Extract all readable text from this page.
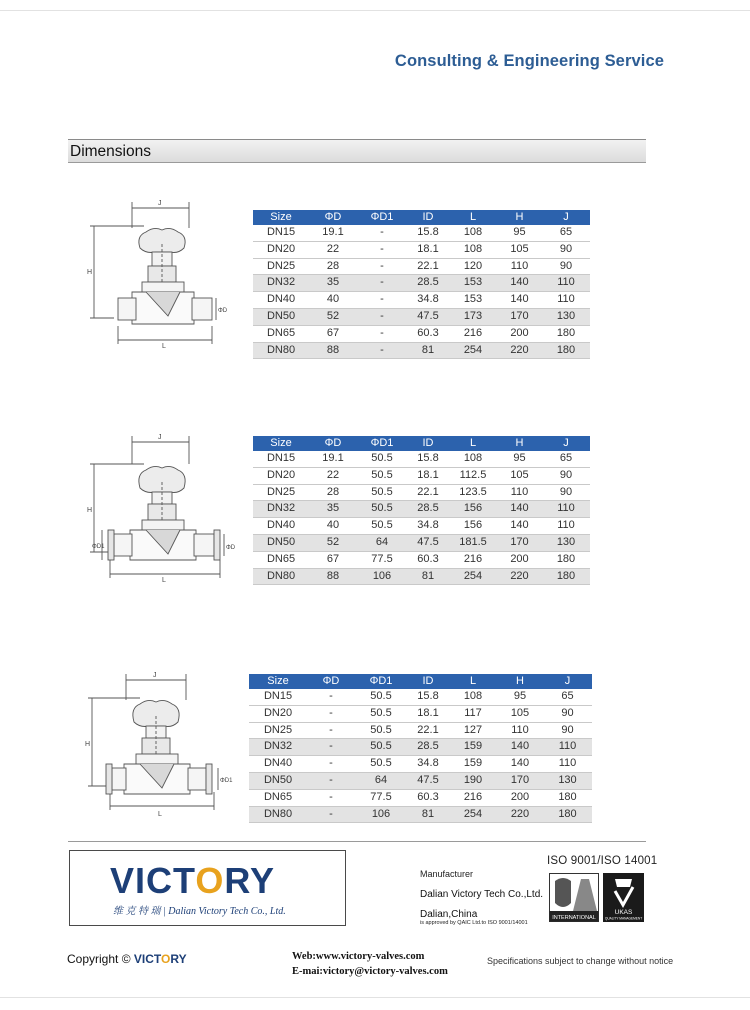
Consulting & Engineering Service
Dimensions
J
H
L
ΦD
Size	ΦD	ΦD1	ID	L	H	J
DN15	19.1	-	15.8	108	95	65
DN20	22	-	18.1	108	105	90
DN25	28	-	22.1	120	110	90
DN32	35	-	28.5	153	140	110
DN40	40	-	34.8	153	140	110
DN50	52	-	47.5	173	170	130
DN65	67	-	60.3	216	200	180
DN80	88	-	81	254	220	180
J
H
L
ΦD
ΦD1
Size	ΦD	ΦD1	ID	L	H	J
DN15	19.1	50.5	15.8	108	95	65
DN20	22	50.5	18.1	112.5	105	90
DN25	28	50.5	22.1	123.5	110	90
DN32	35	50.5	28.5	156	140	110
DN40	40	50.5	34.8	156	140	110
DN50	52	64	47.5	181.5	170	130
DN65	67	77.5	60.3	216	200	180
DN80	88	106	81	254	220	180
J
H
L
ΦD1
Size	ΦD	ΦD1	ID	L	H	J
DN15	-	50.5	15.8	108	95	65
DN20	-	50.5	18.1	117	105	90
DN25	-	50.5	22.1	127	110	90
DN32	-	50.5	28.5	159	140	110
DN40	-	50.5	34.8	159	140	110
DN50	-	64	47.5	190	170	130
DN65	-	77.5	60.3	216	200	180
DN80	-	106	81	254	220	180
VICTORY
维 克 特 瑞 | Dalian Victory Tech Co., Ltd.
Manufacturer
Dalian Victory Tech Co.,Ltd.
Dalian,China
is approved by QAIC Ltd.to ISO 9001/14001
ISO 9001/ISO 14001
INTERNATIONAL
UKAS
QUALITY MANAGEMENT
Copyright © VICTORY	Web:www.victory-valves.com
E-mai:victory@victory-valves.com
Specifications subject to change without notice
